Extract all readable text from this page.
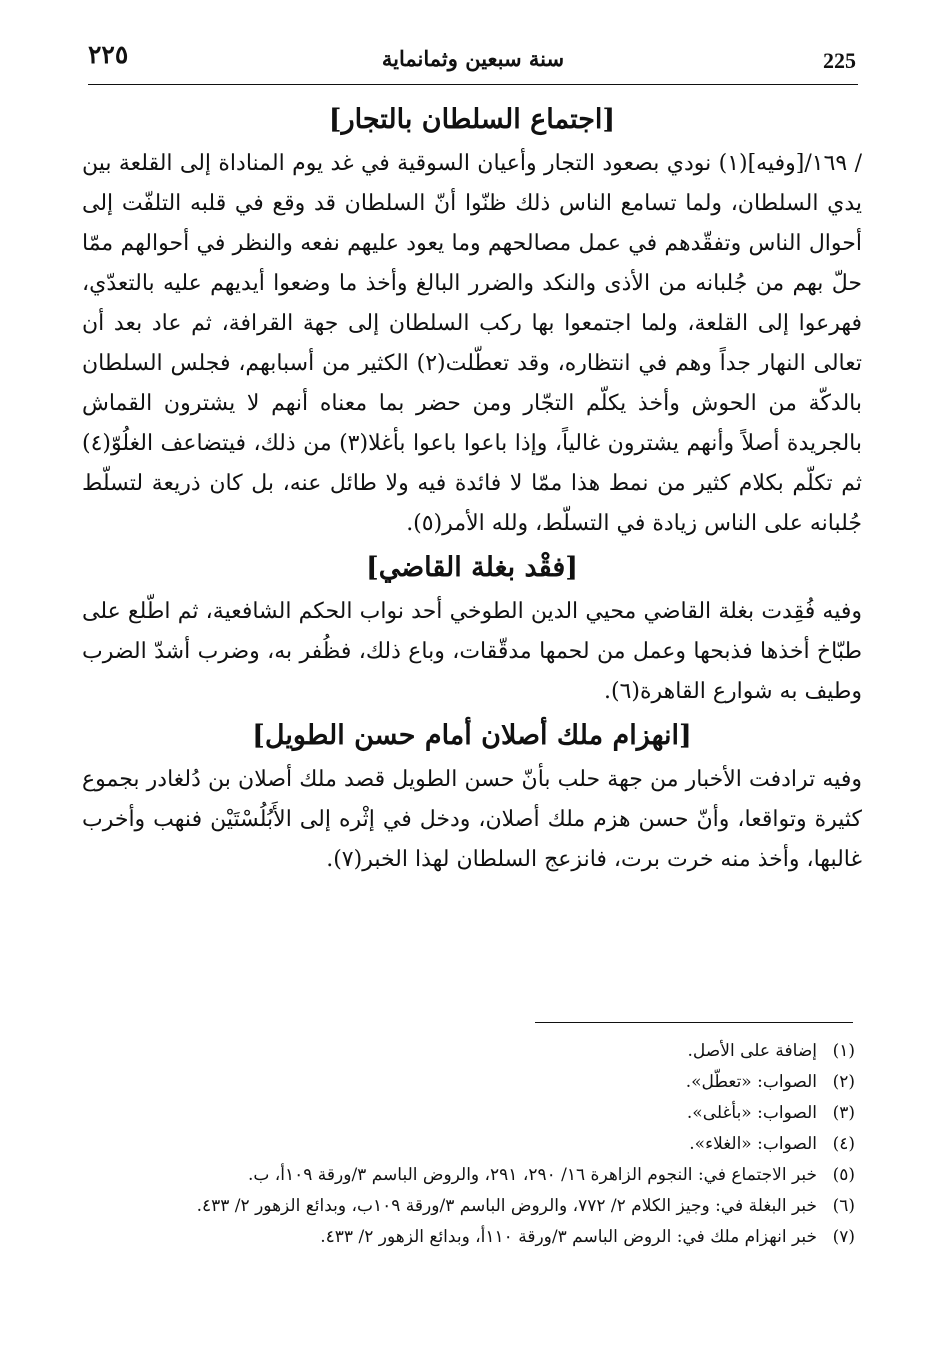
٢٢٥	سنة سبعين وثمانماية	225
[اجتماع السلطان بالتجار]

/ ١٦٩/[وفيه](١) نودي بصعود التجار وأعيان السوقية في غد يوم المناداة إلى القلعة بين يدي السلطان، ولما تسامع الناس ذلك ظنّوا أنّ السلطان قد وقع في قلبه التلفّت إلى أحوال الناس وتفقّدهم في عمل مصالحهم وما يعود عليهم نفعه والنظر في أحوالهم ممّا حلّ بهم من جُلبانه من الأذى والنكد والضرر البالغ وأخذ ما وضعوا أيديهم عليه بالتعدّي، فهرعوا إلى القلعة، ولما اجتمعوا بها ركب السلطان إلى جهة القرافة، ثم عاد بعد أن تعالى النهار جداً وهم في انتظاره، وقد تعطّلت(٢) الكثير من أسبابهم، فجلس السلطان بالدكّة من الحوش وأخذ يكلّم التجّار ومن حضر بما معناه أنهم لا يشترون القماش بالجريدة أصلاً وأنهم يشترون غالياً، وإذا باعوا باعوا بأغلا(٣) من ذلك، فيتضاعف الغلُوّ(٤) ثم تكلّم بكلام كثير من نمط هذا ممّا لا فائدة فيه ولا طائل عنه، بل كان ذريعة لتسلّط جُلبانه على الناس زيادة في التسلّط، ولله الأمر(٥).

[فقْد بغلة القاضي]

وفيه فُقِدت بغلة القاضي محيي الدين الطوخي أحد نواب الحكم الشافعية، ثم اطّلع على طبّاخ أخذها فذبحها وعمل من لحمها مدقّقات، وباع ذلك، فظُفر به، وضرب أشدّ الضرب وطيف به شوارع القاهرة(٦).

[انهزام ملك أصلان أمام حسن الطويل]

وفيه ترادفت الأخبار من جهة حلب بأنّ حسن الطويل قصد ملك أصلان بن دُلغادر بجموع كثيرة وتواقعا، وأنّ حسن هزم ملك أصلان، ودخل في إثْره إلى الأَبُلُسْتَيْن فنهب وأخرب غالبها، وأخذ منه خرت برت، فانزعج السلطان لهذا الخبر(٧).

(١)إضافة على الأصل.
(٢)الصواب: «تعطّل».
(٣)الصواب: «بأغلى».
(٤)الصواب: «الغلاء».
(٥)خبر الاجتماع في: النجوم الزاهرة ١٦/ ٢٩٠، ٢٩١، والروض الباسم ٣/ورقة ١٠٩أ، ب.
(٦)خبر البغلة في: وجيز الكلام ٢/ ٧٧٢، والروض الباسم ٣/ورقة ١٠٩ب، وبدائع الزهور ٢/ ٤٣٣.
(٧)خبر انهزام ملك في: الروض الباسم ٣/ورقة ١١٠أ، وبدائع الزهور ٢/ ٤٣٣.
